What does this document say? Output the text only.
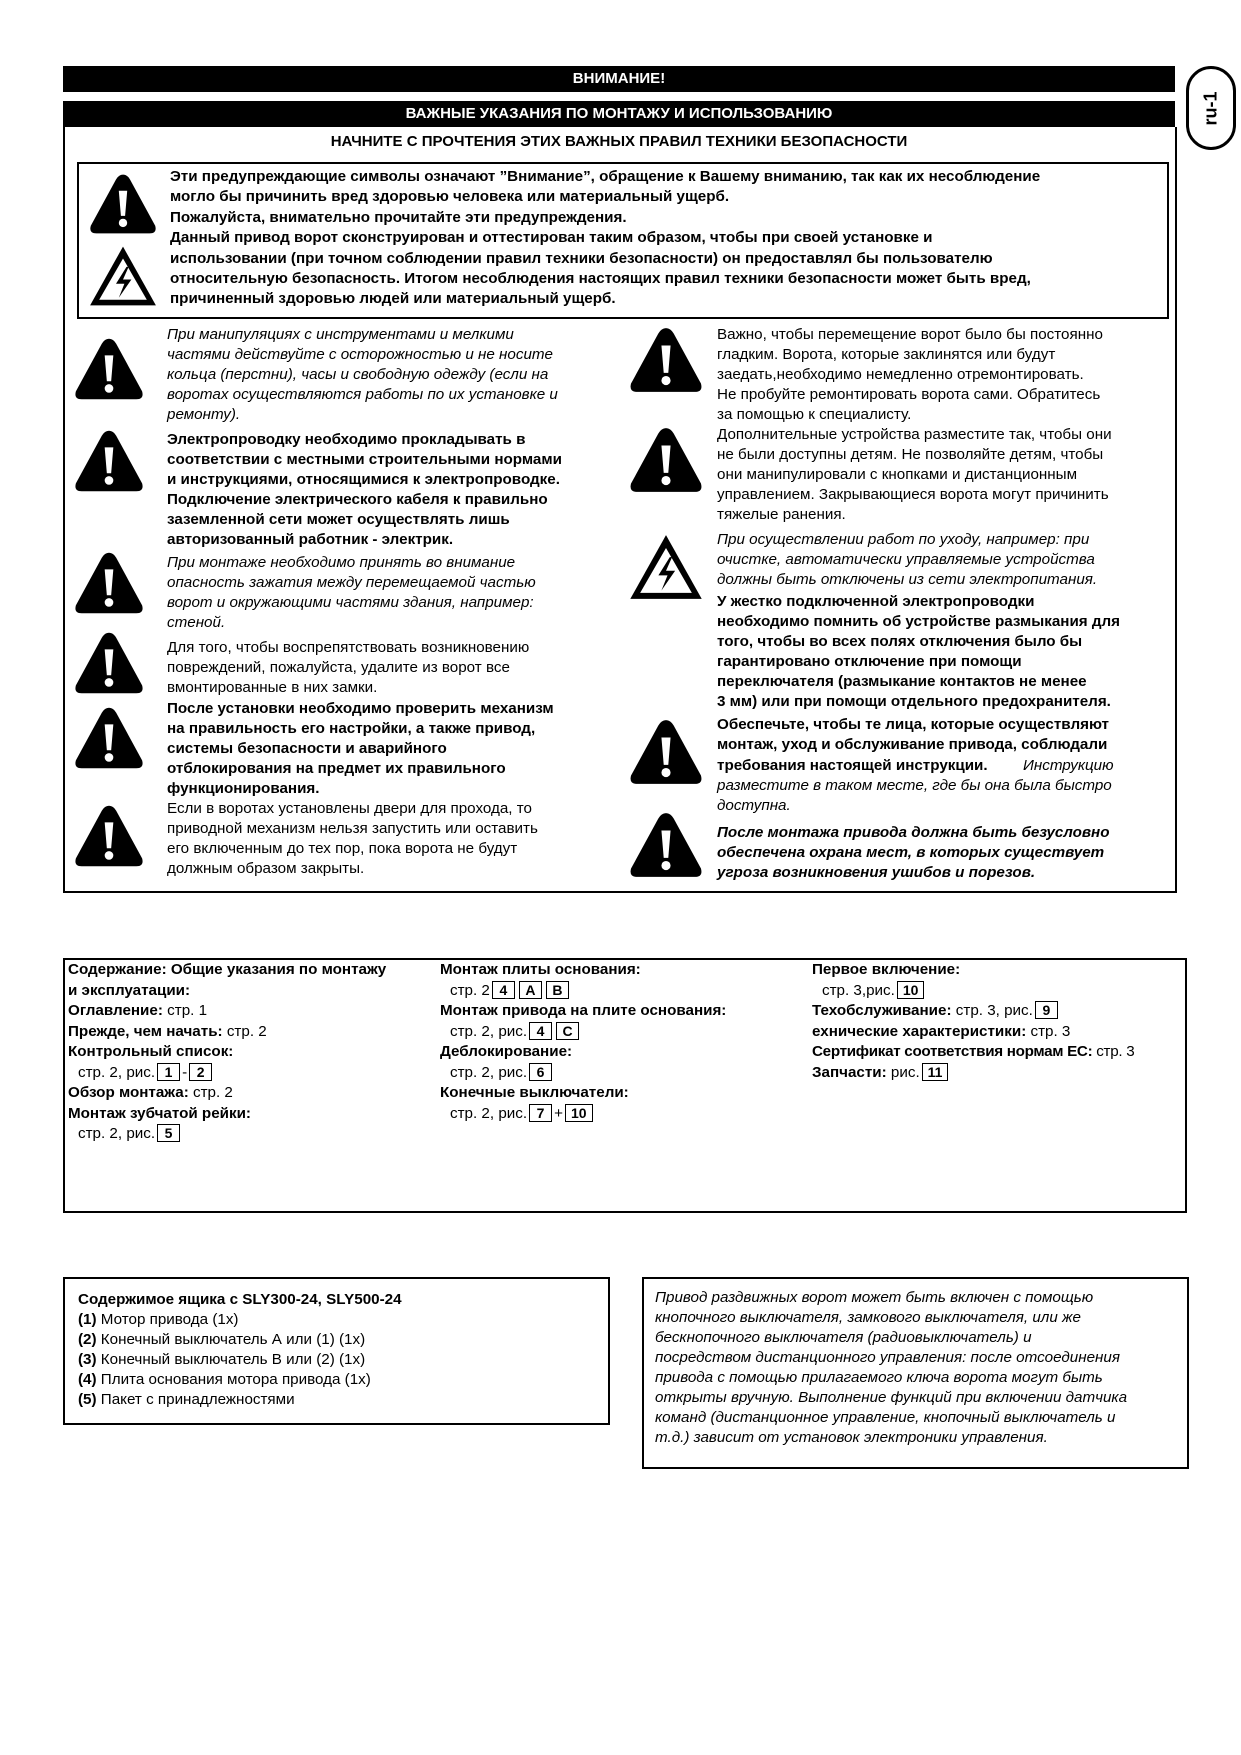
ru-1
ВНИМАНИЕ!
ВАЖНЫЕ УКАЗАНИЯ ПО МОНТАЖУ И ИСПОЛЬЗОВАНИЮ
НАЧНИТЕ С ПРОЧТЕНИЯ ЭТИХ ВАЖНЫХ ПРАВИЛ ТЕХНИКИ БЕЗОПАСНОСТИ
Эти предупреждающие символы означают ”Внимание”, обращение к Вашему вниманию, так как их несоблюдение
могло бы причинить вред здоровью человека или материальный ущерб.
Пожалуйста, внимательно прочитайте эти предупреждения.
Данный привод ворот сконструирован и оттестирован таким образом, чтобы при своей установке и
использовании (при точном соблюдении правил техники безопасности) он предоставлял бы пользователю
относительную безопасность. Итогом несоблюдения настоящих правил техники безопасности может быть вред,
причиненный здоровью людей или материальный ущерб.
При манипуляциях с инструментами и мелкими
частями действуйте с осторожностью и не носите
кольца (перстни), часы и свободную одежду (если на
воротах осуществляются работы по их установке и
ремонту).
Электропроводку необходимо прокладывать в
соответствии с местными строительными нормами
и инструкциями, относящимися к электропроводке.
Подключение электрического кабеля к правильно
заземленной сети может осуществлять лишь
авторизованный работник - электрик.
При монтаже необходимо принять во внимание
опасность зажатия между перемещаемой частью
ворот и окружающими частями здания, например:
стеной.
Для того, чтобы воспрепятствовать возникновению
повреждений, пожалуйста, удалите из ворот все
вмонтированные в них замки.
После установки необходимо проверить механизм
на правильность его настройки, а также привод,
системы безопасности и аварийного
отблокирования на предмет их правильного
функционирования.
Если в воротах установлены двери для прохода, то
приводной механизм нельзя запустить или оставить
его включенным до тех пор, пока ворота не будут
должным образом закрыты.
Важно, чтобы перемещение ворот было бы постоянно
гладким. Ворота, которые заклинятся или будут
заедать,необходимо немедленно отремонтировать.
Не пробуйте ремонтировать ворота сами. Обратитесь
за помощью к специалисту.
Дополнительные устройства разместите так, чтобы они
не были доступны детям. Не позволяйте детям, чтобы
они манипулировали с кнопками и дистанционным
управлением. Закрывающиеся ворота могут причинить
тяжелые ранения.
При осуществлении работ по уходу, например: при
очистке, автоматически управляемые устройства
должны быть отключены из сети электропитания.
У жестко подключенной электропроводки
необходимо помнить об устройстве размыкания для
того, чтобы во всех полях отключения было бы
гарантировано отключение при помощи
переключателя (размыкание контактов не менее
3 мм) или при помощи отдельного предохранителя.
Обеспечьте, чтобы те лица, которые осуществляют
монтаж, уход и обслуживание привода, соблюдали
требования настоящей инструкции. Инструкцию
разместите в таком месте, где бы она была быстро
доступна.
После монтажа привода должна быть безусловно
обеспечена охрана мест, в которых существует
угроза возникновения ушибов и порезов.
Содержание: Общие указания по монтажу
и эксплуатации:
Оглавление: стр. 1
Прежде, чем начать: стр. 2
Контрольный список:
стр. 2, рис. 1 - 2
Обзор монтажа: стр. 2
Монтаж зубчатой рейки:
стр. 2, рис. 5
Монтаж плиты основания:
стр. 2 4 A B
Монтаж привода на плите основания:
стр. 2, рис. 4 C
Деблокирование:
стр. 2, рис. 6
Конечные выключатели:
стр. 2, рис. 7 + 10
Первое включение:
стр. 3,рис. 10
Техобслуживание: стр. 3, рис. 9
ехнические характеристики: стр. 3
Сертификат соответствия нормам ЕС: стр. 3
Запчасти: рис. 11
Содержимое ящика с SLY300-24, SLY500-24
(1) Мотор привода (1x)
(2) Конечный выключатель А или (1) (1x)
(3) Конечный выключатель В или (2) (1x)
(4) Плита основания мотора привода (1x)
(5) Пакет с принадлежностями
Привод раздвижных ворот может быть включен с помощью
кнопочного выключателя, замкового выключателя, или же
бескнопочного выключателя (радиовыключатель) и
посредством дистанционного управления: после отсоединения
привода с помощью прилагаемого ключа ворота могут быть
открыты вручную. Выполнение функций при включении датчика
команд (дистанционное управление, кнопочный выключатель и
т.д.) зависит от установок электроники управления.
